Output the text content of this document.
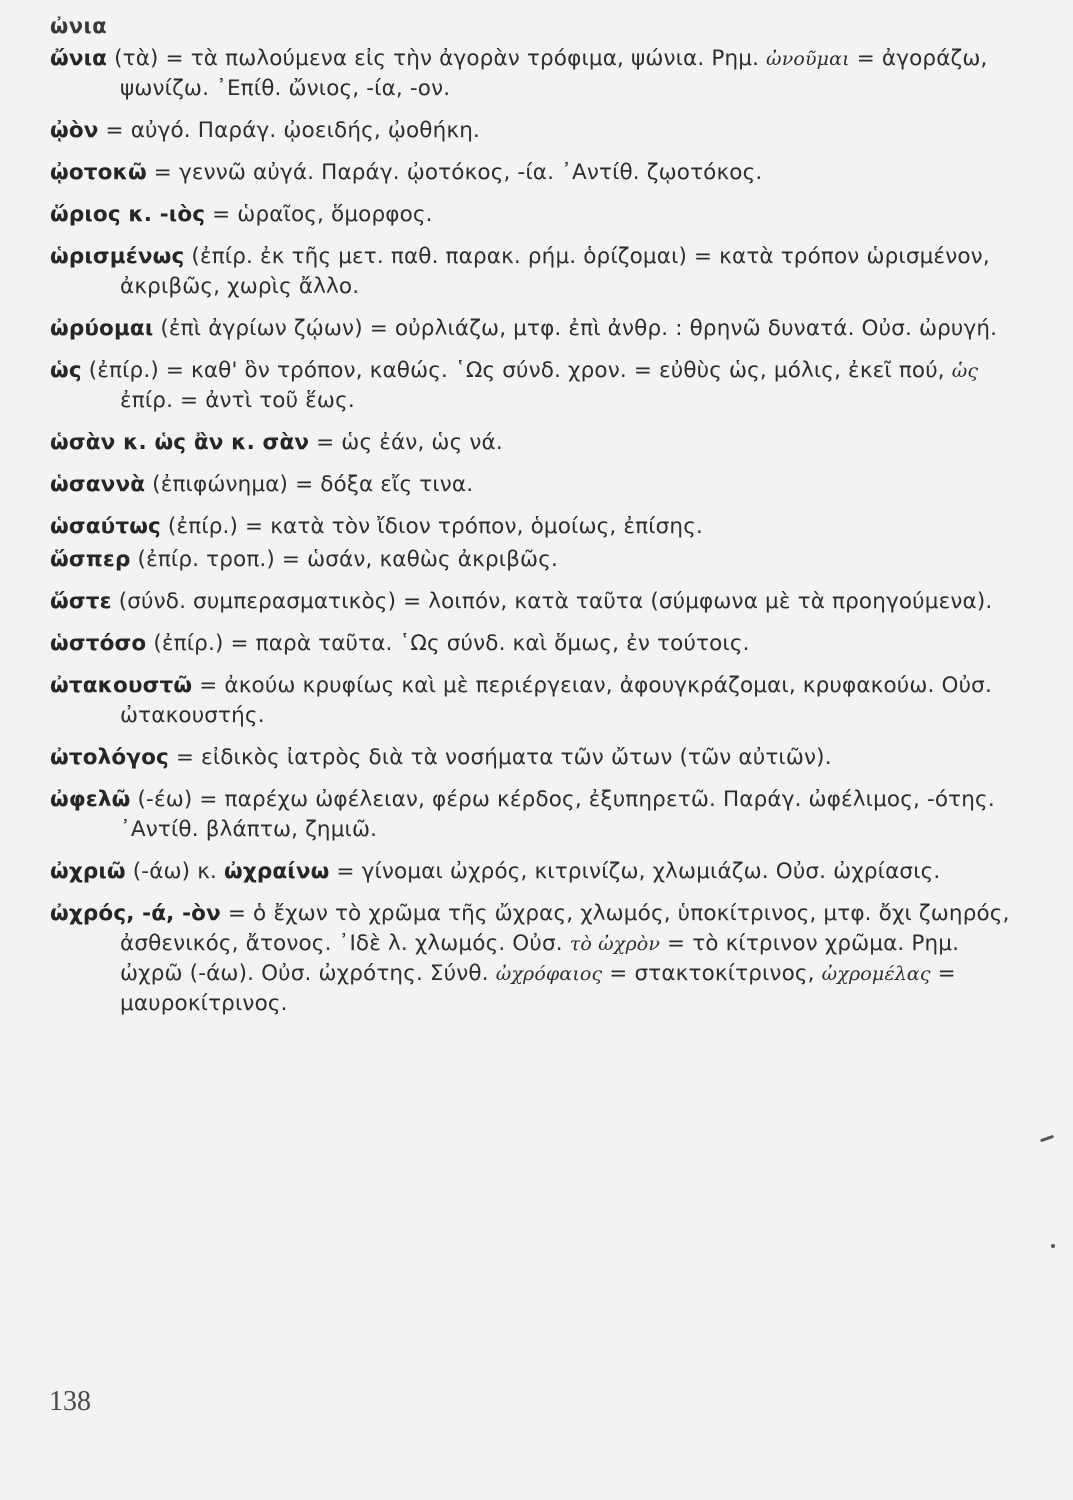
ὠνια

ὤνια (τὰ) = τὰ πωλούμενα εἰς τὴν ἀγορὰν τρόφιμα, ψώνια. Ρημ. ὠνοῦμαι = ἀγοράζω, ψωνίζω. ᾿Επίθ. ὤνιος, -ία, -ον.

ᾠὸν = αὐγό. Παράγ. ᾠοειδής, ᾠοθήκη.

ᾠοτοκῶ = γεννῶ αὐγά. Παράγ. ᾠοτόκος, -ία. ᾿Αντίθ. ζῳοτόκος.

ὥριος κ. -ιὸς = ὡραῖος, ὅμορφος.

ὡρισμένως (ἐπίρ. ἐκ τῆς μετ. παθ. παρακ. ρήμ. ὁρίζομαι) = κατὰ τρόπον ὡρισμένον, ἀκριβῶς, χωρὶς ἄλλο.

ὠρύομαι (ἐπὶ ἀγρίων ζῴων) = οὐρλιάζω, μτφ. ἐπὶ ἀνθρ. : θρηνῶ δυνατά. Οὐσ. ὠρυγή.

ὡς (ἐπίρ.) = καθ' ὃν τρόπον, καθώς. ῾Ως σύνδ. χρον. = εὐθὺς ὡς, μόλις, ἐκεῖ πού, ὡς ἐπίρ. = ἀντὶ τοῦ ἕως.

ὡσὰν κ. ὡς ἂν κ. σὰν = ὡς ἐάν, ὡς νά.

ὡσαννὰ (ἐπιφώνημα) = δόξα εἴς τινα.

ὡσαύτως (ἐπίρ.) = κατὰ τὸν ἴδιον τρόπον, ὁμοίως, ἐπίσης.

ὥσπερ (ἐπίρ. τροπ.) = ὡσάν, καθὼς ἀκριβῶς.

ὥστε (σύνδ. συμπερασματικὸς) = λοιπόν, κατὰ ταῦτα (σύμφωνα μὲ τὰ προηγούμενα).

ὡστόσο (ἐπίρ.) = παρὰ ταῦτα. ῾Ως σύνδ. καὶ ὅμως, ἐν τούτοις.

ὠτακουστῶ = ἀκούω κρυφίως καὶ μὲ περιέργειαν, ἀφουγκράζομαι, κρυφακούω. Οὐσ. ὠτακουστής.

ὠτολόγος = εἰδικὸς ἰατρὸς διὰ τὰ νοσήματα τῶν ὤτων (τῶν αὐτιῶν).

ὠφελῶ (-έω) = παρέχω ὠφέλειαν, φέρω κέρδος, ἐξυπηρετῶ. Παράγ. ὠφέλιμος, -ότης. ᾿Αντίθ. βλάπτω, ζημιῶ.

ὠχριῶ (-άω) κ. ὠχραίνω = γίνομαι ὠχρός, κιτρινίζω, χλωμιάζω. Οὐσ. ὠχρίασις.

ὠχρός, -ά, -ὸν = ὁ ἔχων τὸ χρῶμα τῆς ὤχρας, χλωμός, ὑποκίτρινος, μτφ. ὄχι ζωηρός, ἀσθενικός, ἄτονος. ᾿Ιδὲ λ. χλωμός. Οὐσ. τὸ ὠχρὸν = τὸ κίτρινον χρῶμα. Ρημ. ὠχρῶ (-άω). Οὐσ. ὠχρότης. Σύνθ. ὠχρόφαιος = στακτοκίτρινος, ὠχρομέλας = μαυροκίτρινος.

138
